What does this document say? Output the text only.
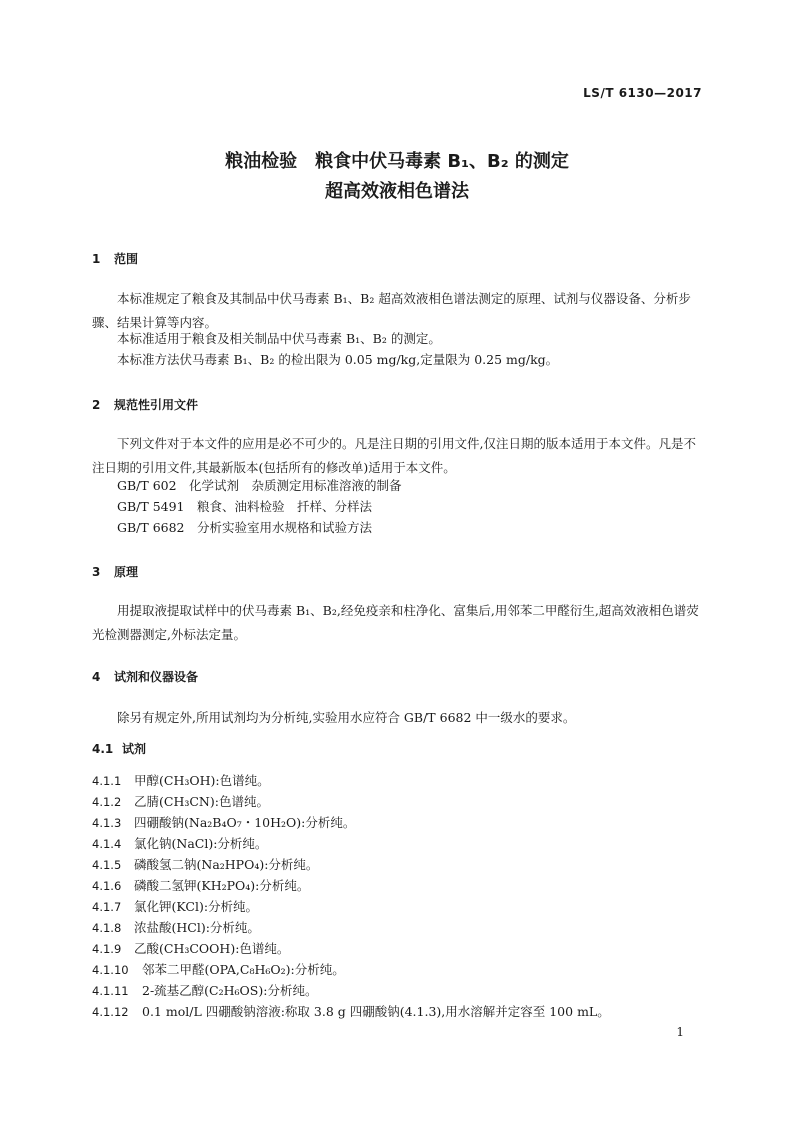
LS/T 6130—2017
粮油检验　粮食中伏马毒素 B₁、B₂ 的测定
超高效液相色谱法
1 范围
本标准规定了粮食及其制品中伏马毒素 B₁、B₂ 超高效液相色谱法测定的原理、试剂与仪器设备、分析步骤、结果计算等内容。
本标准适用于粮食及相关制品中伏马毒素 B₁、B₂ 的测定。
本标准方法伏马毒素 B₁、B₂ 的检出限为 0.05 mg/kg,定量限为 0.25 mg/kg。
2 规范性引用文件
下列文件对于本文件的应用是必不可少的。凡是注日期的引用文件,仅注日期的版本适用于本文件。凡是不注日期的引用文件,其最新版本(包括所有的修改单)适用于本文件。
GB/T 602　化学试剂　杂质测定用标准溶液的制备
GB/T 5491　粮食、油料检验　扦样、分样法
GB/T 6682　分析实验室用水规格和试验方法
3 原理
用提取液提取试样中的伏马毒素 B₁、B₂,经免疫亲和柱净化、富集后,用邻苯二甲醛衍生,超高效液相色谱荧光检测器测定,外标法定量。
4 试剂和仪器设备
除另有规定外,所用试剂均为分析纯,实验用水应符合 GB/T 6682 中一级水的要求。
4.1 试剂
4.1.1 甲醇(CH₃OH):色谱纯。
4.1.2 乙腈(CH₃CN):色谱纯。
4.1.3 四硼酸钠(Na₂B₄O₇・10H₂O):分析纯。
4.1.4 氯化钠(NaCl):分析纯。
4.1.5 磷酸氢二钠(Na₂HPO₄):分析纯。
4.1.6 磷酸二氢钾(KH₂PO₄):分析纯。
4.1.7 氯化钾(KCl):分析纯。
4.1.8 浓盐酸(HCl):分析纯。
4.1.9 乙酸(CH₃COOH):色谱纯。
4.1.10 邻苯二甲醛(OPA,C₈H₆O₂):分析纯。
4.1.11 2-巯基乙醇(C₂H₆OS):分析纯。
4.1.12 0.1 mol/L 四硼酸钠溶液:称取 3.8 g 四硼酸钠(4.1.3),用水溶解并定容至 100 mL。
1
